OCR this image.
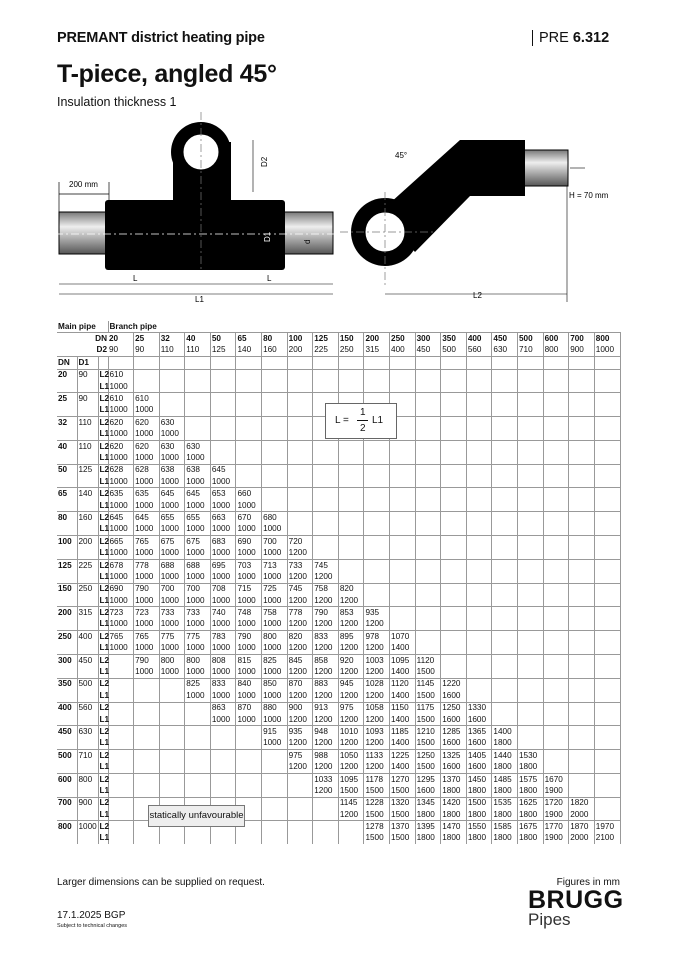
PREMANT district heating pipe	PRE 6.312
T-piece, angled 45°
Insulation thickness 1
200 mm
D2
D1	d
L	L
L1
45°
H = 70 mm
L2
Main pipe			Branch pipe																			
DN			20	25	32	40	50	65	80	100	125	150	200	250	300	350	400	450	500	600	700	800
D2			90	90	110	110	125	140	160	200	225	250	315	400	450	500	560	630	710	800	900	1000
DN	D1																					
20	90	L2	610																			
		L1	1000																			
25	90	L2	610	610																		
		L1	1000	1000																		
32	110	L2	620	620	630																	
		L1	1000	1000	1000																	
40	110	L2	620	620	630	630																
		L1	1000	1000	1000	1000																
50	125	L2	628	628	638	638	645															
		L1	1000	1000	1000	1000	1000															
65	140	L2	635	635	645	645	653	660														
		L1	1000	1000	1000	1000	1000	1000														
80	160	L2	645	645	655	655	663	670	680													
		L1	1000	1000	1000	1000	1000	1000	1000													
100	200	L2	665	765	675	675	683	690	700	720												
		L1	1000	1000	1000	1000	1000	1000	1000	1200												
125	225	L2	678	778	688	688	695	703	713	733	745											
		L1	1000	1000	1000	1000	1000	1000	1000	1200	1200											
150	250	L2	690	790	700	700	708	715	725	745	758	820										
		L1	1000	1000	1000	1000	1000	1000	1000	1200	1200	1200										
200	315	L2	723	723	733	733	740	748	758	778	790	853	935									
		L1	1000	1000	1000	1000	1000	1000	1000	1200	1200	1200	1200									
250	400	L2	765	765	775	775	783	790	800	820	833	895	978	1070								
		L1	1000	1000	1000	1000	1000	1000	1000	1200	1200	1200	1200	1400								
300	450	L2		790	800	800	808	815	825	845	858	920	1003	1095	1120							
		L1		1000	1000	1000	1000	1000	1000	1200	1200	1200	1200	1400	1500							
350	500	L2				825	833	840	850	870	883	945	1028	1120	1145	1220						
		L1				1000	1000	1000	1000	1200	1200	1200	1200	1400	1500	1600						
400	560	L2					863	870	880	900	913	975	1058	1150	1175	1250	1330					
		L1					1000	1000	1000	1200	1200	1200	1200	1400	1500	1600	1600					
450	630	L2							915	935	948	1010	1093	1185	1210	1285	1365	1400				
		L1							1000	1200	1200	1200	1200	1400	1500	1600	1600	1800				
500	710	L2								975	988	1050	1133	1225	1250	1325	1405	1440	1530			
		L1								1200	1200	1200	1200	1400	1500	1600	1600	1800	1800			
600	800	L2									1033	1095	1178	1270	1295	1370	1450	1485	1575	1670		
		L1									1200	1500	1500	1500	1600	1800	1800	1800	1800	1900		
700	900	L2										1145	1228	1320	1345	1420	1500	1535	1625	1720	1820	
		L1										1200	1500	1500	1800	1800	1800	1800	1800	1900	2000	
800	1000	L2											1278	1370	1395	1470	1550	1585	1675	1770	1870	1970
		L1											1500	1500	1800	1800	1800	1800	1800	1900	2000	2100
L =
1
2
L1
statically unfavourable
Larger dimensions can be supplied on request.	Figures in mm
17.1.2025 BGP
Subject to technical changes
BRUGG
Pipes
